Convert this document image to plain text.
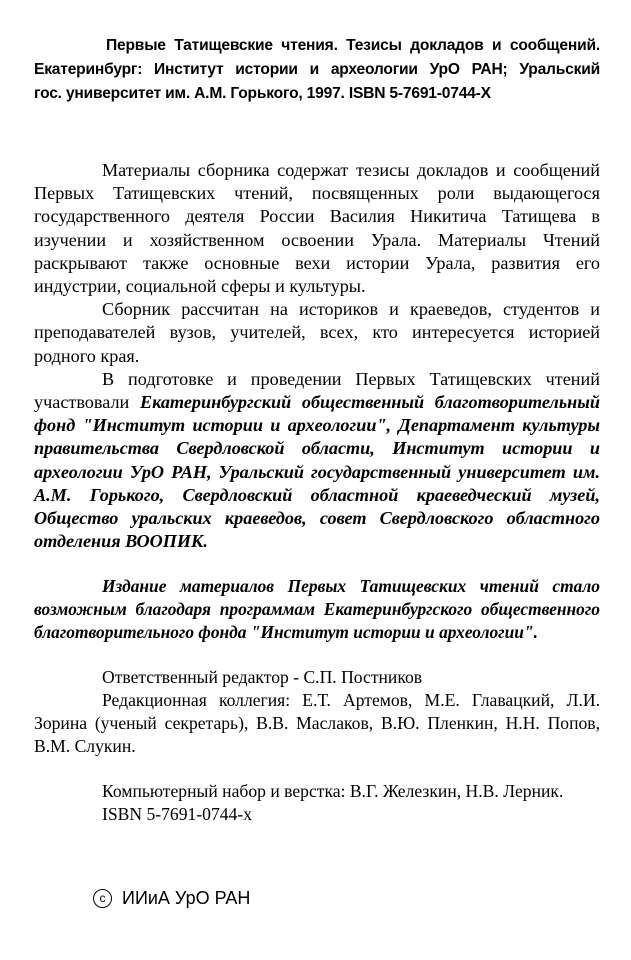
Первые Татищевские чтения. Тезисы докладов и сообщений.
Екатеринбург: Институт истории и археологии УрО РАН; Уральский
гос. университет им. А.М. Горького, 1997. ISBN 5-7691-0744-Х

Материалы сборника содержат тезисы докладов и сообщений Первых Татищевских чтений, посвященных роли выдающегося государственного деятеля России Василия Никитича Татищева в изучении и хозяйственном освоении Урала. Материалы Чтений раскрывают также основные вехи истории Урала, развития его индустрии, социальной сферы и культуры.

Сборник рассчитан на историков и краеведов, студентов и преподавателей вузов, учителей, всех, кто интересуется историей родного края.

В подготовке и проведении Первых Татищевских чтений участвовали Екатеринбургский общественный благотворительный фонд "Институт истории и археологии", Департамент культуры правительства Свердловской области, Институт истории и археологии УрО РАН, Уральский государственный университет им. А.М. Горького, Свердловский областной краеведческий музей, Общество уральских краеведов, совет Свердловского областного отделения ВООПИК.

Издание материалов Первых Татищевских чтений стало возможным благодаря программам Екатеринбургского общественного благотворительного фонда "Институт истории и археологии".

Ответственный редактор - С.П. Постников

Редакционная коллегия: Е.Т. Артемов, М.Е. Главацкий, Л.И. Зорина (ученый секретарь), В.В. Маслаков, В.Ю. Пленкин, Н.Н. Попов, В.М. Слукин.

Компьютерный набор и верстка: В.Г. Железкин, Н.В. Лерник.

ISBN 5-7691-0744-х

c ИИиА УрО РАН
